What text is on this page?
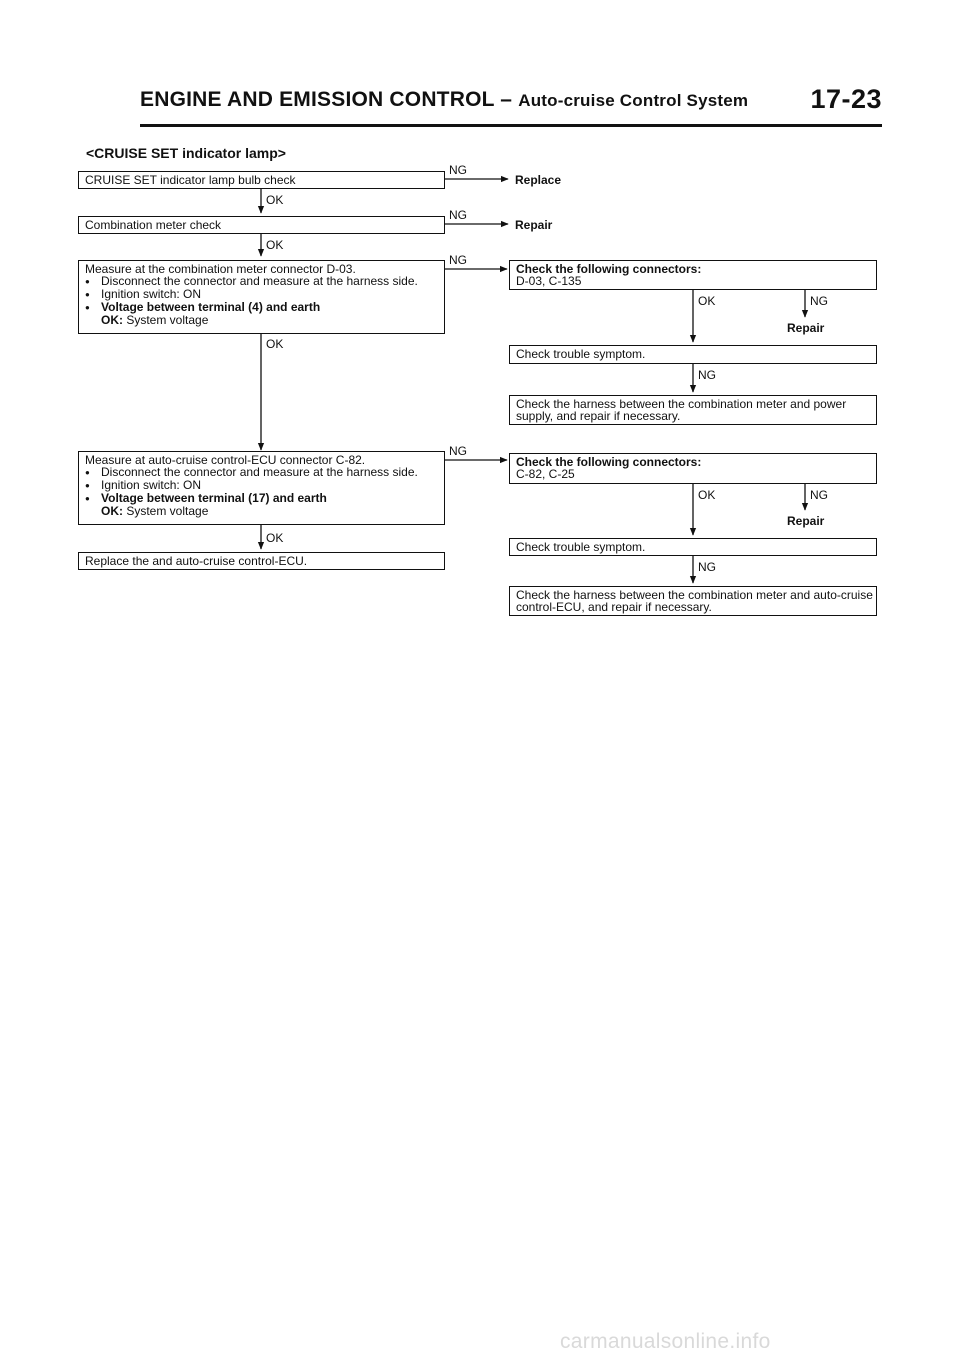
ENGINE AND EMISSION CONTROL – Auto-cruise Control System 17-23
<CRUISE SET indicator lamp>
CRUISE SET indicator lamp bulb check
Combination meter check
Measure at the combination meter connector D-03.
● Disconnect the connector and measure at the harness side.
● Ignition switch: ON
● Voltage between terminal (4) and earth
OK: System voltage
Measure at auto-cruise control-ECU connector C-82.
● Disconnect the connector and measure at the harness side.
● Ignition switch: ON
● Voltage between terminal (17) and earth
OK: System voltage
Replace the and auto-cruise control-ECU.
OK
OK
OK
OK
NG
NG
NG
NG
Replace
Repair
Check the following connectors:
D-03, C-135
OK	NG
Repair
Check trouble symptom.
NG
Check the harness between the combination meter and power
supply, and repair if necessary.
Check the following connectors:
C-82, C-25
OK	NG
Repair
Check trouble symptom.
NG
Check the harness between the combination meter and auto-cruise
control-ECU, and repair if necessary.
carmanualsonline.info
